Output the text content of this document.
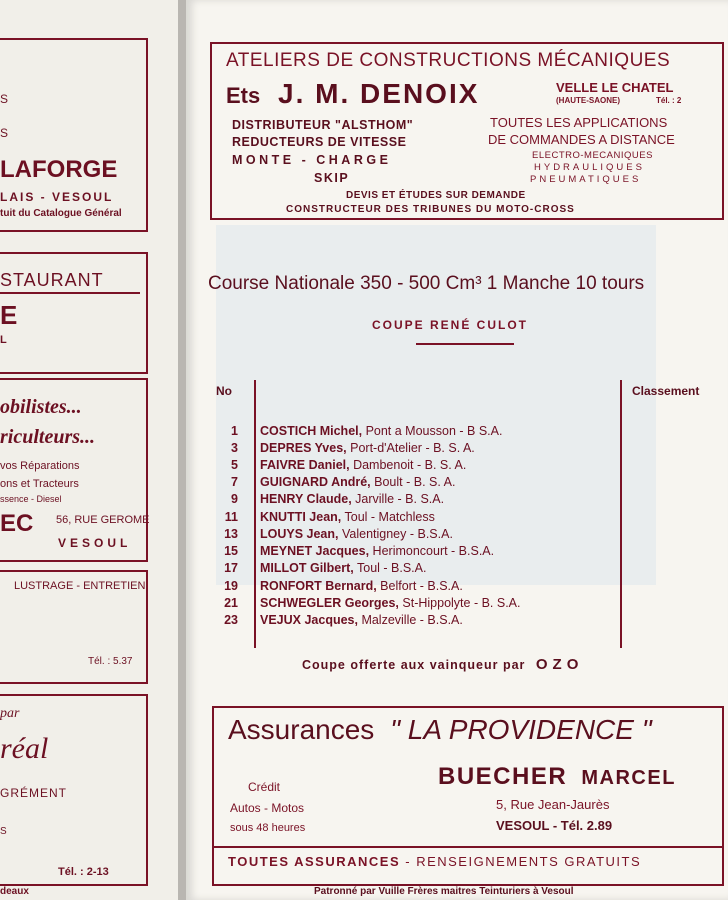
S
S
LAFORGE
LAIS - VESOUL
tuit du Catalogue Général
STAURANT
E
L
obilistes...
riculteurs...
vos Réparations
ons et Tracteurs
ssence - Diesel
EC 56, RUE GEROME
VESOUL
LUSTRAGE - ENTRETIEN
Tél. : 5.37
par
réal
GRÉMENT
S
Tél. : 2-13
deaux
ATELIERS DE CONSTRUCTIONS MÉCANIQUES
Ets J. M. DENOIX	VELLE LE CHATEL
(HAUTE-SAONE)	Tél. : 2
DISTRIBUTEUR "ALSTHOM"
REDUCTEURS DE VITESSE
MONTE - CHARGE
SKIP
TOUTES LES APPLICATIONS
DE COMMANDES A DISTANCE
ELECTRO-MECANIQUES
HYDRAULIQUES
PNEUMATIQUES
DEVIS ET ÉTUDES SUR DEMANDE
CONSTRUCTEUR DES TRIBUNES DU MOTO-CROSS
Course Nationale 350 - 500 Cm³ 1 Manche 10 tours
COUPE RENÉ CULOT
No	Classement
1 COSTICH Michel, Pont a Mousson - B S.A.
3 DEPRES Yves, Port-d'Atelier - B. S. A.
5 FAIVRE Daniel, Dambenoit - B. S. A.
7 GUIGNARD André, Boult - B. S. A.
9 HENRY Claude, Jarville - B. S.A.
11 KNUTTI Jean, Toul - Matchless
13 LOUYS Jean, Valentigney - B.S.A.
15 MEYNET Jacques, Herimoncourt - B.S.A.
17 MILLOT Gilbert, Toul - B.S.A.
19 RONFORT Bernard, Belfort - B.S.A.
21 SCHWEGLER Georges, St-Hippolyte - B. S.A.
23 VEJUX Jacques, Malzeville - B.S.A.
Coupe offerte aux vainqueur par OZO
Assurances " LA PROVIDENCE "
Crédit
Autos - Motos
sous 48 heures
BUECHER MARCEL
5, Rue Jean-Jaurès
VESOUL - Tél. 2.89
TOUTES ASSURANCES - RENSEIGNEMENTS GRATUITS
Patronné par Vuille Frères maitres Teinturiers à Vesoul
